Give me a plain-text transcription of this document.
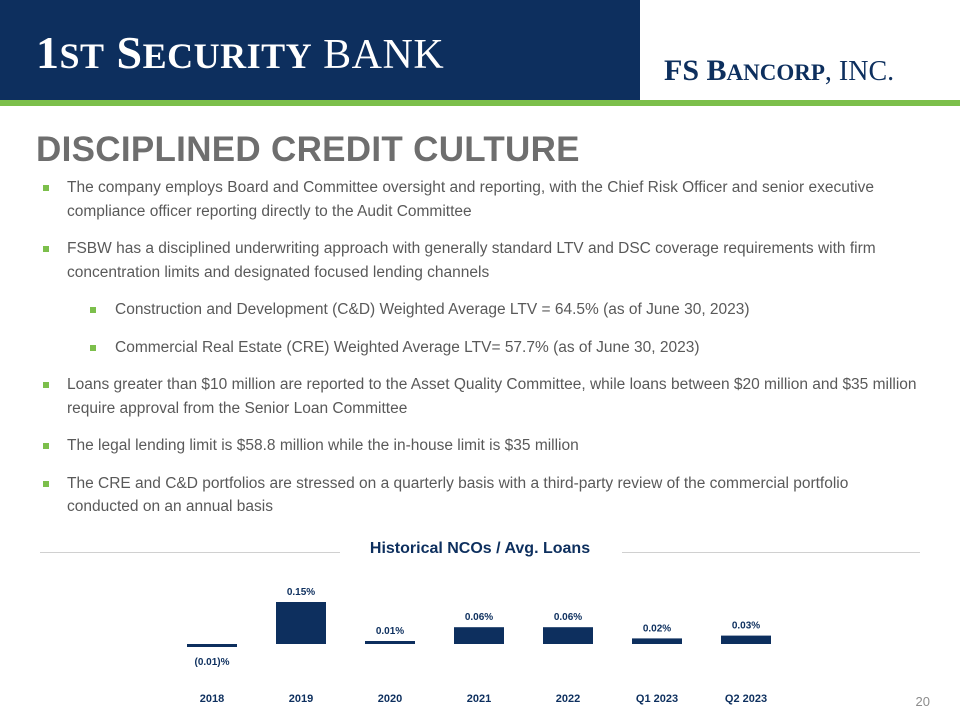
1ST SECURITY BANK	FS BANCORP, INC.
DISCIPLINED CREDIT CULTURE
The company employs Board and Committee oversight and reporting, with the Chief Risk Officer and senior executive compliance officer reporting directly to the Audit Committee
FSBW has a disciplined underwriting approach with generally standard LTV and DSC coverage requirements with firm concentration limits and designated focused lending channels
Construction and Development (C&D) Weighted Average LTV = 64.5% (as of June 30, 2023)
Commercial Real Estate (CRE) Weighted Average LTV= 57.7% (as of June 30, 2023)
Loans greater than $10 million are reported to the Asset Quality Committee, while loans between $20 million and $35 million require approval from the Senior Loan Committee
The legal lending limit is $58.8 million while the in-house limit is $35 million
The CRE and C&D portfolios are stressed on a quarterly basis with a third-party review of the commercial portfolio conducted on an annual basis
Historical NCOs / Avg. Loans
(0.01)%
2018
0.15%
2019
0.01%
2020
0.06%
2021
0.06%
2022
0.02%
Q1 2023
0.03%
Q2 2023	20
